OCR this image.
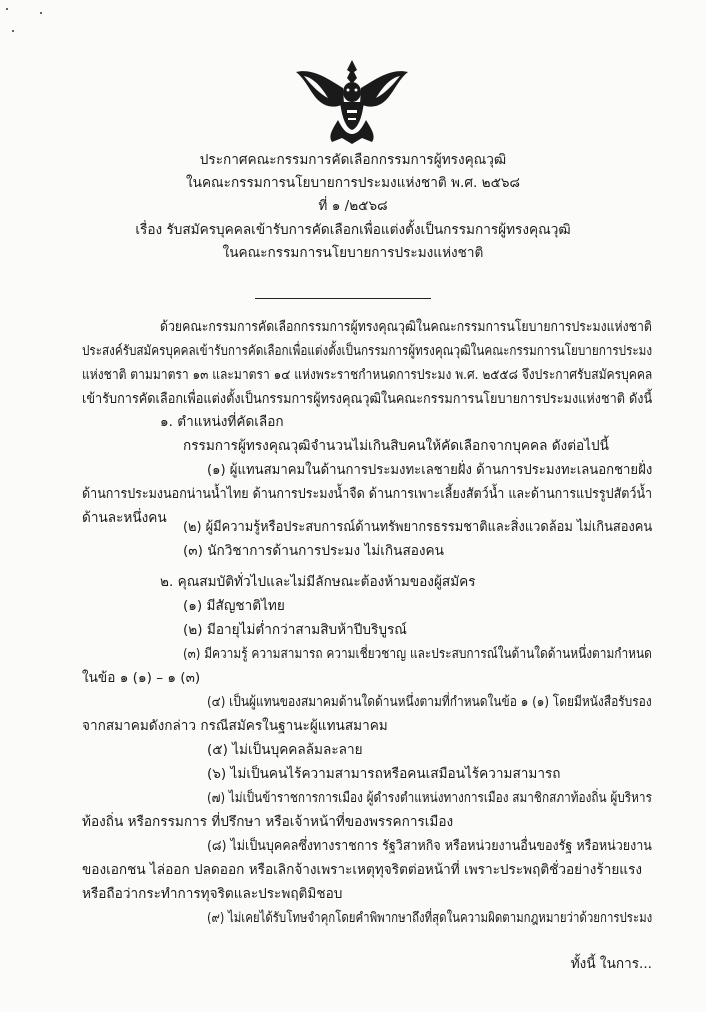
ประกาศคณะกรรมการคัดเลือกกรรมการผู้ทรงคุณวุฒิ
ในคณะกรรมการนโยบายการประมงแห่งชาติ พ.ศ. ๒๕๖๘
ที่ ๑ /๒๕๖๘
เรื่อง รับสมัครบุคคลเข้ารับการคัดเลือกเพื่อแต่งตั้งเป็นกรรมการผู้ทรงคุณวุฒิ
ในคณะกรรมการนโยบายการประมงแห่งชาติ
ด้วยคณะกรรมการคัดเลือกกรรมการผู้ทรงคุณวุฒิในคณะกรรมการนโยบายการประมงแห่งชาติ
ประสงค์รับสมัครบุคคลเข้ารับการคัดเลือกเพื่อแต่งตั้งเป็นกรรมการผู้ทรงคุณวุฒิในคณะกรรมการนโยบายการประมง
แห่งชาติ ตามมาตรา ๑๓ และมาตรา ๑๔ แห่งพระราชกำหนดการประมง พ.ศ. ๒๕๕๘ จึงประกาศรับสมัครบุคคล
เข้ารับการคัดเลือกเพื่อแต่งตั้งเป็นกรรมการผู้ทรงคุณวุฒิในคณะกรรมการนโยบายการประมงแห่งชาติ ดังนี้
๑. ตำแหน่งที่คัดเลือก
กรรมการผู้ทรงคุณวุฒิจำนวนไม่เกินสิบคนให้คัดเลือกจากบุคคล ดังต่อไปนี้
(๑) ผู้แทนสมาคมในด้านการประมงทะเลชายฝั่ง ด้านการประมงทะเลนอกชายฝั่ง
ด้านการประมงนอกน่านน้ำไทย ด้านการประมงน้ำจืด ด้านการเพาะเลี้ยงสัตว์น้ำ และด้านการแปรรูปสัตว์น้ำ
ด้านละหนึ่งคน
(๒) ผู้มีความรู้หรือประสบการณ์ด้านทรัพยากรธรรมชาติและสิ่งแวดล้อม ไม่เกินสองคน
(๓) นักวิชาการด้านการประมง ไม่เกินสองคน
๒. คุณสมบัติทั่วไปและไม่มีลักษณะต้องห้ามของผู้สมัคร
(๑) มีสัญชาติไทย
(๒) มีอายุไม่ต่ำกว่าสามสิบห้าปีบริบูรณ์
(๓) มีความรู้ ความสามารถ ความเชี่ยวชาญ และประสบการณ์ในด้านใดด้านหนึ่งตามกำหนด
ในข้อ ๑ (๑) – ๑ (๓)
(๔) เป็นผู้แทนของสมาคมด้านใดด้านหนึ่งตามที่กำหนดในข้อ ๑ (๑) โดยมีหนังสือรับรอง
จากสมาคมดังกล่าว กรณีสมัครในฐานะผู้แทนสมาคม
(๕) ไม่เป็นบุคคลล้มละลาย
(๖) ไม่เป็นคนไร้ความสามารถหรือคนเสมือนไร้ความสามารถ
(๗) ไม่เป็นข้าราชการการเมือง ผู้ดำรงตำแหน่งทางการเมือง สมาชิกสภาท้องถิ่น ผู้บริหาร
ท้องถิ่น หรือกรรมการ ที่ปรึกษา หรือเจ้าหน้าที่ของพรรคการเมือง
(๘) ไม่เป็นบุคคลซึ่งทางราชการ รัฐวิสาหกิจ หรือหน่วยงานอื่นของรัฐ หรือหน่วยงาน
ของเอกชน ไล่ออก ปลดออก หรือเลิกจ้างเพราะเหตุทุจริตต่อหน้าที่ เพราะประพฤติชั่วอย่างร้ายแรง
หรือถือว่ากระทำการทุจริตและประพฤติมิชอบ
(๙) ไม่เคยได้รับโทษจำคุกโดยคำพิพากษาถึงที่สุดในความผิดตามกฎหมายว่าด้วยการประมง
ทั้งนี้ ในการ...
